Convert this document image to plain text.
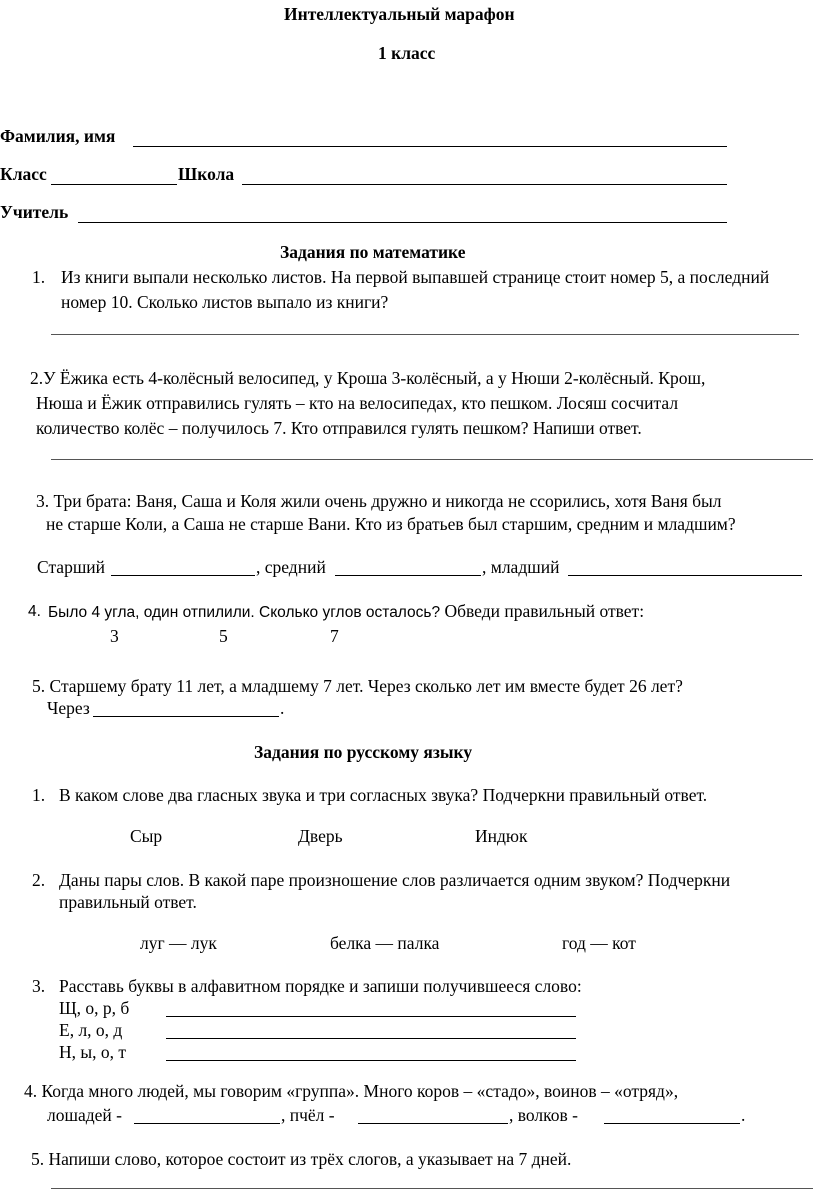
Интеллектуальный марафон
1 класс
Фамилия, имя
Класс	Школа
Учитель
Задания по математике
1. Из книги выпали несколько листов. На первой выпавшей странице стоит номер 5, а последний
номер 10. Сколько листов выпало из книги?
2.У Ёжика есть 4-колёсный велосипед, у Кроша 3-колёсный, а у Нюши 2-колёсный. Крош,
Нюша и Ёжик отправились гулять – кто на велосипедах, кто пешком. Лосяш сосчитал
количество колёс – получилось 7. Кто отправился гулять пешком? Напиши ответ.
3. Три брата: Ваня, Саша и Коля жили очень дружно и никогда не ссорились, хотя Ваня был
не старше Коли, а Саша не старше Вани. Кто из братьев был старшим, средним и младшим?
Старший	, средний	, младший
4. Было 4 угла, один отпилили. Сколько углов осталось? Обведи правильный ответ:
3	5	7
5. Старшему брату 11 лет, а младшему 7 лет. Через сколько лет им вместе будет 26 лет?
Через	.
Задания по русскому языку
1. В каком слове два гласных звука и три согласных звука? Подчеркни правильный ответ.
Сыр	Дверь	Индюк
2. Даны пары слов. В какой паре произношение слов различается одним звуком? Подчеркни
правильный ответ.
луг — лук	белка — палка	год — кот
3. Расставь буквы в алфавитном порядке и запиши получившееся слово:
Щ, о, р, б
Е, л, о, д
Н, ы, о, т
4. Когда много людей, мы говорим «группа». Много коров – «стадо», воинов – «отряд»,
лошадей -	, пчёл -	, волков -	.
5. Напиши слово, которое состоит из трёх слогов, а указывает на 7 дней.
